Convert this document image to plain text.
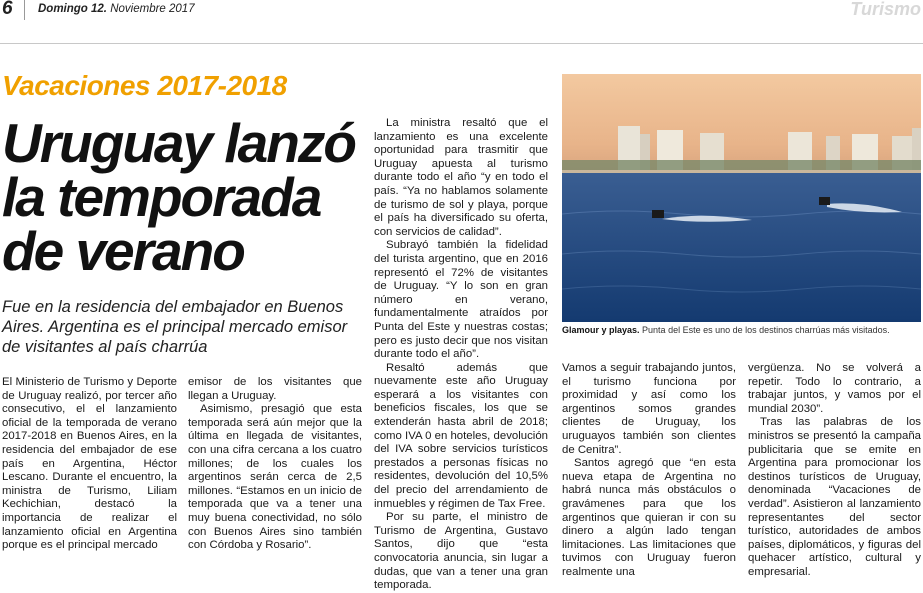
6 Domingo 12. Noviembre 2017	Turismo
Vacaciones 2017-2018
Uruguay lanzó la temporada de verano
Fue en la residencia del embajador en Buenos Aires. Argentina es el principal mercado emisor de visitantes al país charrúa

El Ministerio de Turismo y Deporte de Uruguay realizó, por tercer año consecutivo, el el lanzamiento oficial de la temporada de verano 2017-2018 en Buenos Aires, en la residencia del embajador de ese país en Argentina, Héctor Lescano. Durante el encuentro, la ministra de Turismo, Liliam Kechichian, destacó la importancia de realizar el lanzamiento oficial en Argentina porque es el principal mercado

emisor de los visitantes que llegan a Uruguay.

Asimismo, presagió que esta temporada será aún mejor que la última en llegada de visitantes, con una cifra cercana a los cuatro millones; de los cuales los argentinos serán cerca de 2,5 millones. “Estamos en un inicio de temporada que va a tener una muy buena conectividad, no sólo con Buenos Aires sino también con Córdoba y Rosario”.

La ministra resaltó que el lanzamiento es una excelente oportunidad para trasmitir que Uruguay apuesta al turismo durante todo el año “y en todo el país. “Ya no hablamos solamente de turismo de sol y playa, porque el país ha diversificado su oferta, con servicios de calidad”.

Subrayó también la fidelidad del turista argentino, que en 2016 representó el 72% de visitantes de Uruguay. “Y lo son en gran número en verano, fundamentalmente atraídos por Punta del Este y nuestras costas; pero es justo decir que nos visitan durante todo el año”.

Resaltó además que nuevamente este año Uruguay esperará a los visitantes con beneficios fiscales, los que se extenderán hasta abril de 2018; como IVA 0 en hoteles, devolución del IVA sobre servicios turísticos prestados a personas físicas no residentes, devolución del 10,5% del precio del arrendamiento de inmuebles y régimen de Tax Free.

Por su parte, el ministro de Turismo de Argentina, Gustavo Santos, dijo que “esta convocatoria anuncia, sin lugar a dudas, que van a tener una gran temporada.

Glamour y playas. Punta del Este es uno de los destinos charrúas más visitados.

Vamos a seguir trabajando juntos, el turismo funciona por proximidad y así como los argentinos somos grandes clientes de Uruguay, los uruguayos también son clientes de Cenitra”.

Santos agregó que “en esta nueva etapa de Argentina no habrá nunca más obstáculos o gravámenes para que los argentinos que quieran ir con su dinero a algún lado tengan limitaciones. Las limitaciones que tuvimos con Uruguay fueron realmente una

vergüenza. No se volverá a repetir. Todo lo contrario, a trabajar juntos, y vamos por el mundial 2030”.

Tras las palabras de los ministros se presentó la campaña publicitaria que se emite en Argentina para promocionar los destinos turísticos de Uruguay, denominada “Vacaciones de verdad”. Asistieron al lanzamiento representantes del sector turístico, autoridades de ambos países, diplomáticos, y figuras del quehacer artístico, cultural y empresarial.
